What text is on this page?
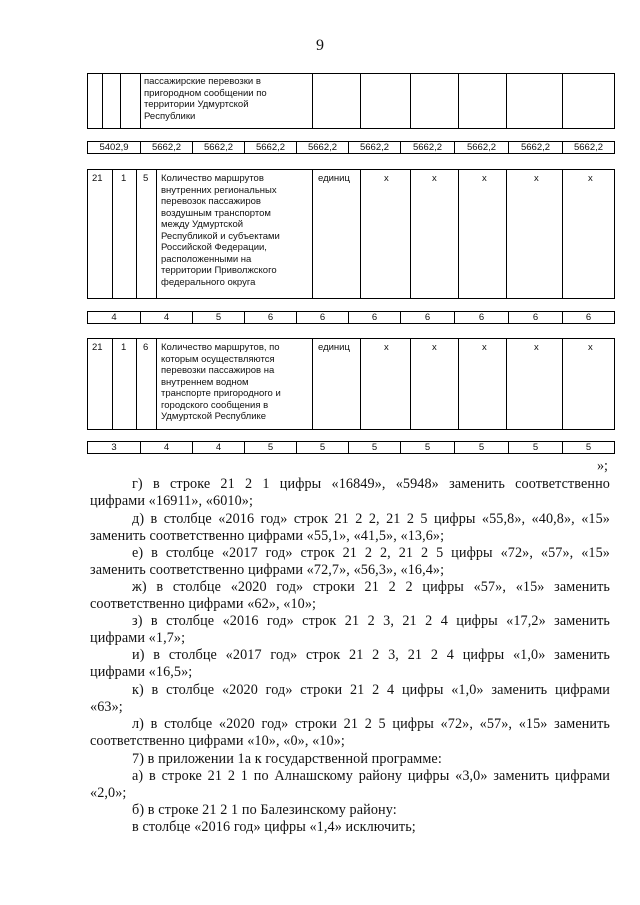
9
пассажирские перевозки в
пригородном сообщении по
территории Удмуртской
Республики
5402,9	5662,2	5662,2	5662,2	5662,2	5662,2	5662,2	5662,2	5662,2	5662,2
21 1 5 Количество маршрутов
внутренних региональных
перевозок пассажиров
воздушным транспортом
между Удмуртской
Республикой и субъектами
Российской Федерации,
расположенными на
территории Приволжского
федерального округа
единиц	x	x	x	x	x
4	4	5	6	6	6	6	6	6	6
21 1 6 Количество маршрутов, по
которым осуществляются
перевозки пассажиров на
внутреннем водном
транспорте пригородного и
городского сообщения в
Удмуртской Республике
единиц	x	x	x	x	x
3	4	4	5	5	5	5	5	5	5
»;
г) в строке 21 2 1 цифры «16849», «5948» заменить соответственно
цифрами «16911», «6010»;
д) в столбце «2016 год» строк 21 2 2, 21 2 5 цифры «55,8», «40,8», «15»
заменить соответственно цифрами «55,1», «41,5», «13,6»;
е) в столбце «2017 год» строк 21 2 2, 21 2 5 цифры «72», «57», «15»
заменить соответственно цифрами «72,7», «56,3», «16,4»;
ж) в столбце «2020 год» строки 21 2 2 цифры «57», «15» заменить
соответственно цифрами «62», «10»;
з) в столбце «2016 год» строк 21 2 3, 21 2 4 цифры «17,2» заменить
цифрами «1,7»;
и) в столбце «2017 год» строк 21 2 3, 21 2 4 цифры «1,0» заменить
цифрами «16,5»;
к) в столбце «2020 год» строки 21 2 4 цифры «1,0» заменить цифрами
«63»;
л) в столбце «2020 год» строки 21 2 5 цифры «72», «57», «15» заменить
соответственно цифрами «10», «0», «10»;
7) в приложении 1а к государственной программе:
а) в строке 21 2 1 по Алнашскому району цифры «3,0» заменить цифрами
«2,0»;
б) в строке 21 2 1 по Балезинскому району:
в столбце «2016 год» цифры «1,4» исключить;
